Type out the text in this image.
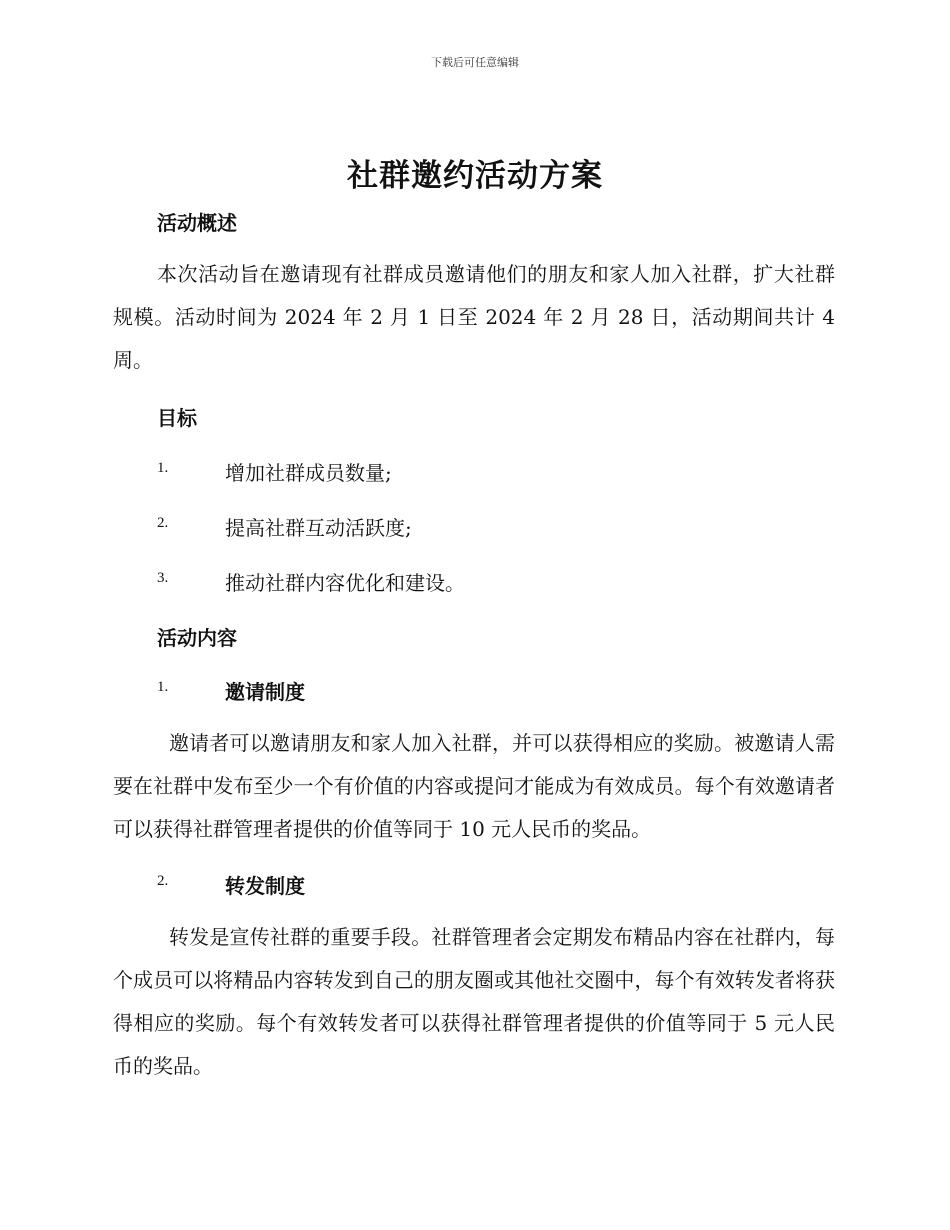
下载后可任意编辑
社群邀约活动方案
活动概述

本次活动旨在邀请现有社群成员邀请他们的朋友和家人加入社群，扩大社群规模。活动时间为 2024 年 2 月 1 日至 2024 年 2 月 28 日，活动期间共计 4 周。

目标
1.	增加社群成员数量;
2.	提高社群互动活跃度;
3.	推动社群内容优化和建设。
活动内容
1.	邀请制度

邀请者可以邀请朋友和家人加入社群，并可以获得相应的奖励。被邀请人需要在社群中发布至少一个有价值的内容或提问才能成为有效成员。每个有效邀请者可以获得社群管理者提供的价值等同于 10 元人民币的奖品。

2.	转发制度

转发是宣传社群的重要手段。社群管理者会定期发布精品内容在社群内，每个成员可以将精品内容转发到自己的朋友圈或其他社交圈中，每个有效转发者将获得相应的奖励。每个有效转发者可以获得社群管理者提供的价值等同于 5 元人民币的奖品。
